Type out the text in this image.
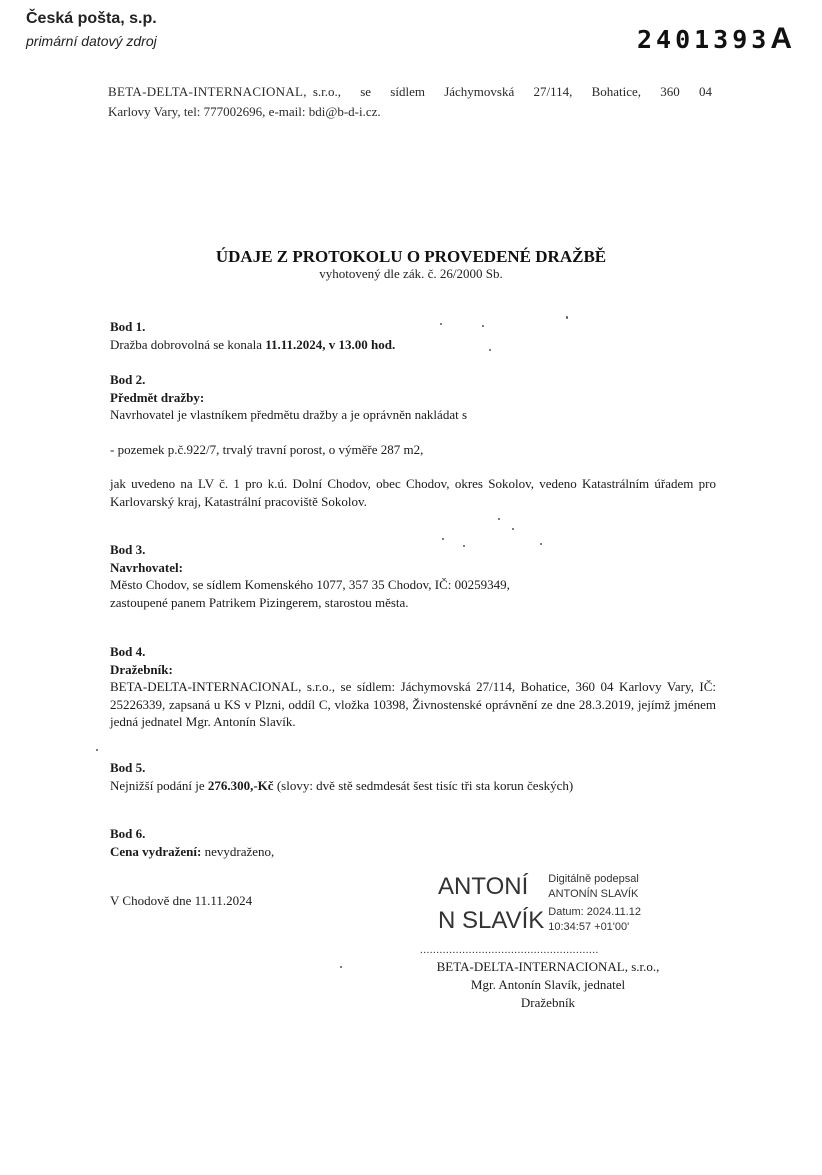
Česká pošta, s.p.
primární datový zdroj	2401393A
BETA-DELTA-INTERNACIONAL, s.r.o., se sídlem Jáchymovská 27/114, Bohatice, 360 04
Karlovy Vary, tel: 777002696, e-mail: bdi@b-d-i.cz.
ÚDAJE Z PROTOKOLU O PROVEDENÉ DRAŽBĚ
vyhotovený dle zák. č. 26/2000 Sb.
Bod 1.
Dražba dobrovolná se konala 11.11.2024, v 13.00 hod.
Bod 2.
Předmět dražby:
Navrhovatel je vlastníkem předmětu dražby a je oprávněn nakládat s
- pozemek p.č.922/7, trvalý travní porost, o výměře 287 m2,
jak uvedeno na LV č. 1 pro k.ú. Dolní Chodov, obec Chodov, okres Sokolov, vedeno Katastrálním úřadem pro Karlovarský kraj, Katastrální pracoviště Sokolov.
Bod 3.
Navrhovatel:
Město Chodov, se sídlem Komenského 1077, 357 35 Chodov, IČ: 00259349,
zastoupené panem Patrikem Pizingerem, starostou města.
Bod 4.
Dražebník:
BETA-DELTA-INTERNACIONAL, s.r.o., se sídlem: Jáchymovská 27/114, Bohatice, 360 04 Karlovy Vary, IČ: 25226339, zapsaná u KS v Plzni, oddíl C, vložka 10398, Živnostenské oprávnění ze dne 28.3.2019, jejímž jménem jedná jednatel Mgr. Antonín Slavík.
Bod 5.
Nejnižší podání je 276.300,-Kč (slovy: dvě stě sedmdesát šest tisíc tři sta korun českých)
Bod 6.
Cena vydražení: nevydraženo,
V Chodově dne 11.11.2024
ANTONÍ
N SLAVÍK
Digitálně podepsal
ANTONÍN SLAVÍK
Datum: 2024.11.12
10:34:57 +01'00'
.......................................................
BETA-DELTA-INTERNACIONAL, s.r.o.,
Mgr. Antonín Slavík, jednatel
Dražebník
